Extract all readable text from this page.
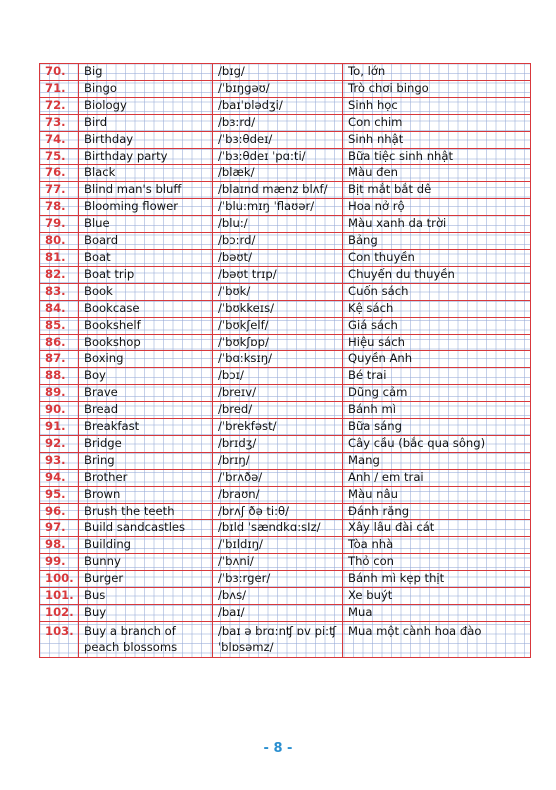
70.	Big	/bɪg/	To, lớn
71.	Bingo	/ˈbɪŋgəʊ/	Trò chơi bingo
72.	Biology	/baɪˈɒlədʒi/	Sinh học
73.	Bird	/bɜ:rd/	Con chim
74.	Birthday	/ˈbɜ:θdeɪ/	Sinh nhật
75.	Birthday party	/ˈbɜ:θdeɪ ˈpɑ:ti/	Bữa tiệc sinh nhật
76.	Black	/blæk/	Màu đen
77.	Blind man's bluff	/blaɪnd mænz blʌf/	Bịt mắt bắt dê
78.	Blooming flower	/ˈblu:mɪŋ ˈflaʊər/	Hoa nở rộ
79.	Blue	/blu:/	Màu xanh da trời
80.	Board	/bɔ:rd/	Bảng
81.	Boat	/bəʊt/	Con thuyền
82.	Boat trip	/bəʊt trɪp/	Chuyến du thuyền
83.	Book	/ˈbʊk/	Cuốn sách
84.	Bookcase	/ˈbʊkkeɪs/	Kệ sách
85.	Bookshelf	/ˈbʊkʃelf/	Giá sách
86.	Bookshop	/ˈbʊkʃɒp/	Hiệu sách
87.	Boxing	/ˈbɑ:ksɪŋ/	Quyền Anh
88.	Boy	/bɔɪ/	Bé trai
89.	Brave	/breɪv/	Dũng cảm
90.	Bread	/bred/	Bánh mì
91.	Breakfast	/ˈbrekfəst/	Bữa sáng
92.	Bridge	/brɪdʒ/	Cây cầu (bắc qua sông)
93.	Bring	/brɪŋ/	Mang
94.	Brother	/ˈbrʌðə/	Anh / em trai
95.	Brown	/braʊn/	Màu nâu
96.	Brush the teeth	/brʌʃ ðə ti:θ/	Đánh răng
97.	Build sandcastles	/bɪld ˈsændkɑ:sIz/	Xây lâu đài cát
98.	Building	/ˈbɪldɪŋ/	Tòa nhà
99.	Bunny	/ˈbʌni/	Thỏ con
100.	Burger	/ˈbɜ:rger/	Bánh mì kẹp thịt
101.	Bus	/bʌs/	Xe buýt
102.	Buy	/baɪ/	Mua
103.	Buy a branch of peach blossoms	/baɪ ə brɑ:nʧ ɒv pi:ʧ ˈblɒsəmz/	Mua một cành hoa đào
- 8 -
